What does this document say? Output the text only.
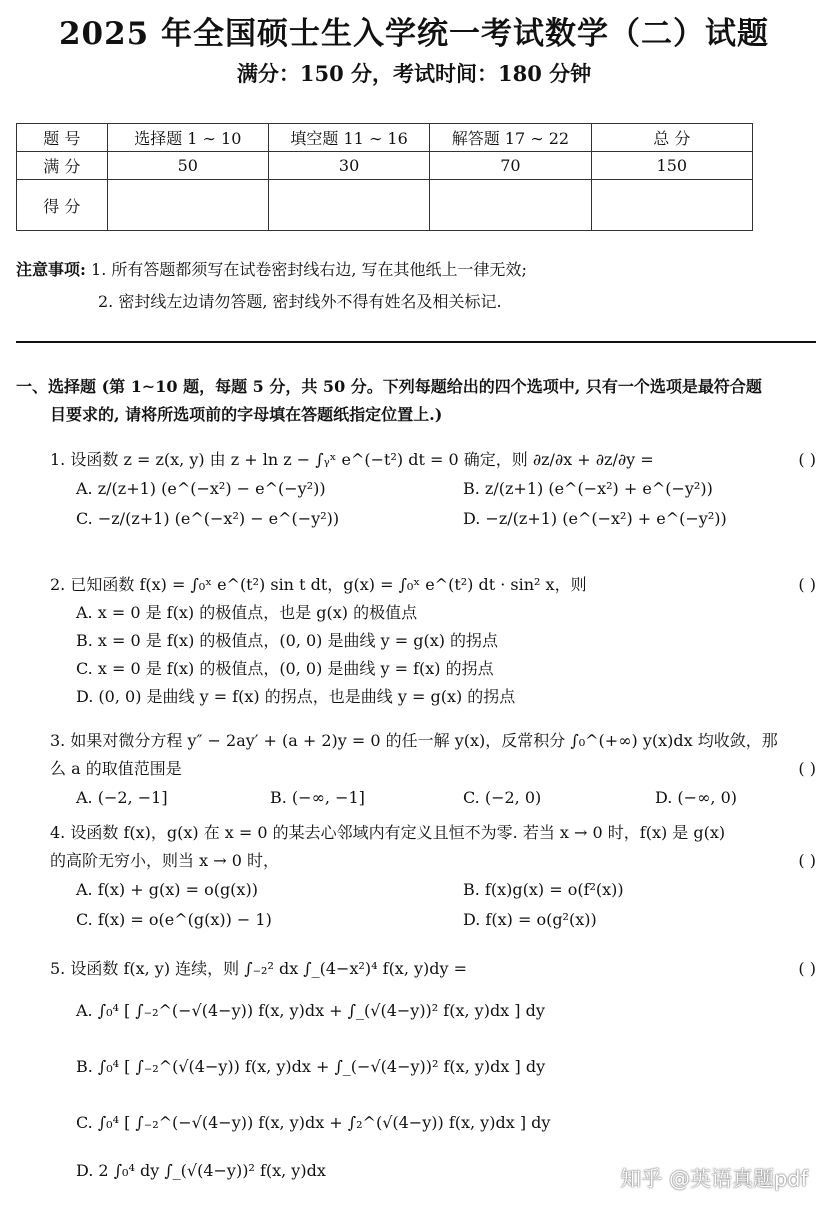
2025 年全国硕士生入学统一考试数学（二）试题
满分：150 分，考试时间：180 分钟
题 号	选择题 1 ∼ 10	填空题 11 ∼ 16	解答题 17 ∼ 22	总 分
满 分	50	30	70	150
得 分				
注意事项: 1. 所有答题都须写在试卷密封线右边, 写在其他纸上一律无效;
2. 密封线左边请勿答题, 密封线外不得有姓名及相关标记.
一、选择题 (第 1∼10 题，每题 5 分，共 50 分。下列每题给出的四个选项中, 只有一个选项是最符合题
目要求的, 请将所选项前的字母填在答题纸指定位置上.)
1. 设函数 z = z(x, y) 由 z + ln z − ∫ᵧˣ e^(−t²) dt = 0 确定，则 ∂z/∂x + ∂z/∂y =	( )
A. z/(z+1) (e^(−x²) − e^(−y²))	B. z/(z+1) (e^(−x²) + e^(−y²))
C. −z/(z+1) (e^(−x²) − e^(−y²))	D. −z/(z+1) (e^(−x²) + e^(−y²))
2. 已知函数 f(x) = ∫₀ˣ e^(t²) sin t dt，g(x) = ∫₀ˣ e^(t²) dt · sin² x，则	( )
A. x = 0 是 f(x) 的极值点，也是 g(x) 的极值点
B. x = 0 是 f(x) 的极值点，(0, 0) 是曲线 y = g(x) 的拐点
C. x = 0 是 f(x) 的极值点，(0, 0) 是曲线 y = f(x) 的拐点
D. (0, 0) 是曲线 y = f(x) 的拐点，也是曲线 y = g(x) 的拐点
3. 如果对微分方程 y″ − 2ay′ + (a + 2)y = 0 的任一解 y(x)，反常积分 ∫₀^(+∞) y(x)dx 均收敛，那
么 a 的取值范围是	( )
A. (−2, −1]	B. (−∞, −1]	C. (−2, 0)	D. (−∞, 0)
4. 设函数 f(x)，g(x) 在 x = 0 的某去心邻域内有定义且恒不为零. 若当 x → 0 时，f(x) 是 g(x)
的高阶无穷小，则当 x → 0 时，	( )
A. f(x) + g(x) = o(g(x))	B. f(x)g(x) = o(f²(x))
C. f(x) = o(e^(g(x)) − 1)	D. f(x) = o(g²(x))
5. 设函数 f(x, y) 连续，则 ∫₋₂² dx ∫_(4−x²)⁴ f(x, y)dy =	( )
A. ∫₀⁴ [ ∫₋₂^(−√(4−y)) f(x, y)dx + ∫_(√(4−y))² f(x, y)dx ] dy
B. ∫₀⁴ [ ∫₋₂^(√(4−y)) f(x, y)dx + ∫_(−√(4−y))² f(x, y)dx ] dy
C. ∫₀⁴ [ ∫₋₂^(−√(4−y)) f(x, y)dx + ∫₂^(√(4−y)) f(x, y)dx ] dy
D. 2 ∫₀⁴ dy ∫_(√(4−y))² f(x, y)dx	知乎 @英语真题pdf
